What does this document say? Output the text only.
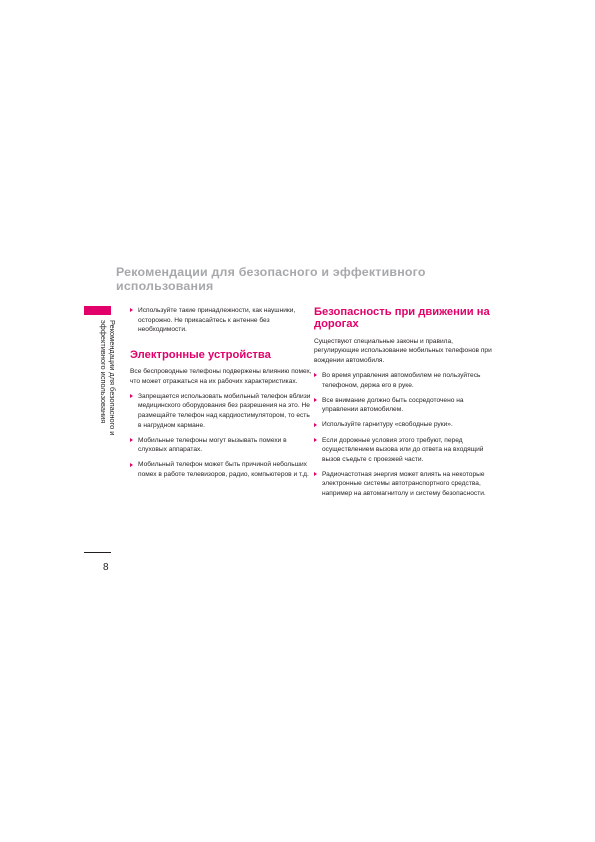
Рекомендации для безопасного и эффективного использования
Рекомендации для безопасного и эффективного использования

Используйте такие принадлежности, как наушники, осторожно. Не прикасайтесь к антенне без необходимости.

Электронные устройства

Все беспроводные телефоны подвержены влиянию помех, что может отражаться на их рабочих характеристиках.

Запрещается использовать мобильный телефон вблизи медицинского оборудования без разрешения на это. Не размещайте телефон над кардиостимулятором, то есть в нагрудном кармане.

Мобильные телефоны могут вызывать помехи в слуховых аппаратах.

Мобильный телефон может быть причиной небольших помех в работе телевизоров, радио, компьютеров и т.д.

Безопасность при движении на дорогах

Существуют специальные законы и правила, регулирующие использование мобильных телефонов при вождении автомобиля.

Во время управления автомобилем не пользуйтесь телефоном, держа его в руке.

Все внимание должно быть сосредоточено на управлении автомобилем.

Используйте гарнитуру «свободные руки».

Если дорожные условия этого требуют, перед осуществлением вызова или до ответа на входящий вызов съедьте с проезжей части.

Радиочастотная энергия может влиять на некоторые электронные системы автотранспортного средства, например на автомагнитолу и систему безопасности.

8
